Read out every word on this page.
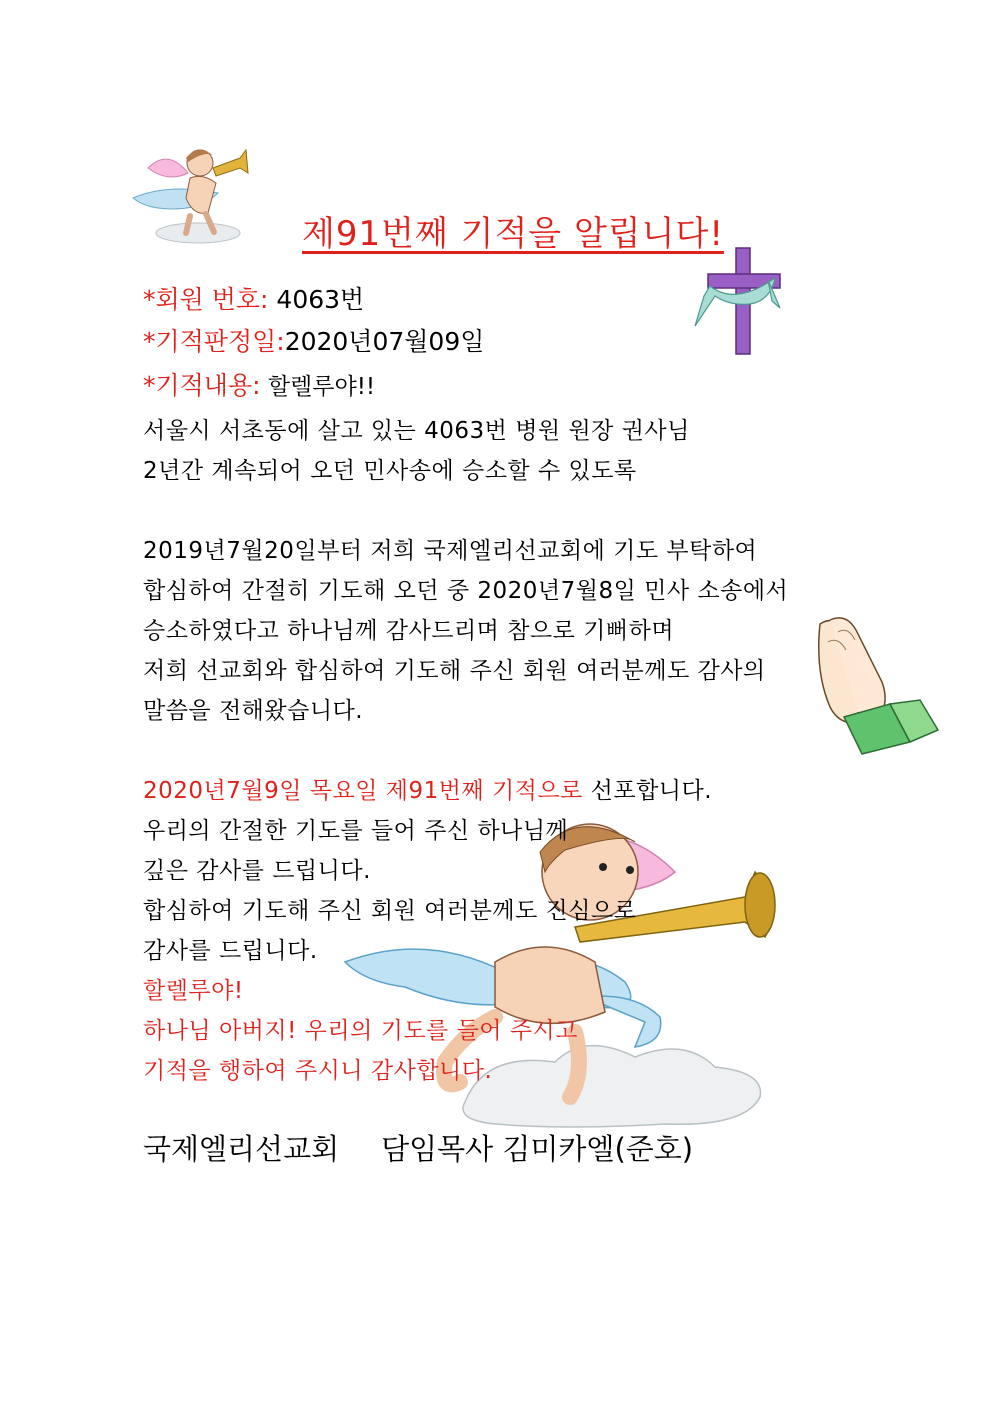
제91번째 기적을 알립니다!
*회원 번호: 4063번
*기적판정일:2020년07월09일
*기적내용: 할렐루야!!
서울시 서초동에 살고 있는 4063번 병원 원장 권사님
2년간 계속되어 오던 민사송에 승소할 수 있도록
2019년7월20일부터 저희 국제엘리선교회에 기도 부탁하여
합심하여 간절히 기도해 오던 중 2020년7월8일 민사 소송에서
승소하였다고 하나님께 감사드리며 참으로 기뻐하며
저희 선교회와 합심하여 기도해 주신 회원 여러분께도 감사의
말씀을 전해왔습니다.
2020년7월9일 목요일 제91번째 기적으로 선포합니다.
우리의 간절한 기도를 들어 주신 하나님께
깊은 감사를 드립니다.
합심하여 기도해 주신 회원 여러분께도 진심으로
감사를 드립니다.
할렐루야!
하나님 아버지! 우리의 기도를 들어 주시고
기적을 행하여 주시니 감사합니다.
국제엘리선교회 담임목사 김미카엘(준호)
